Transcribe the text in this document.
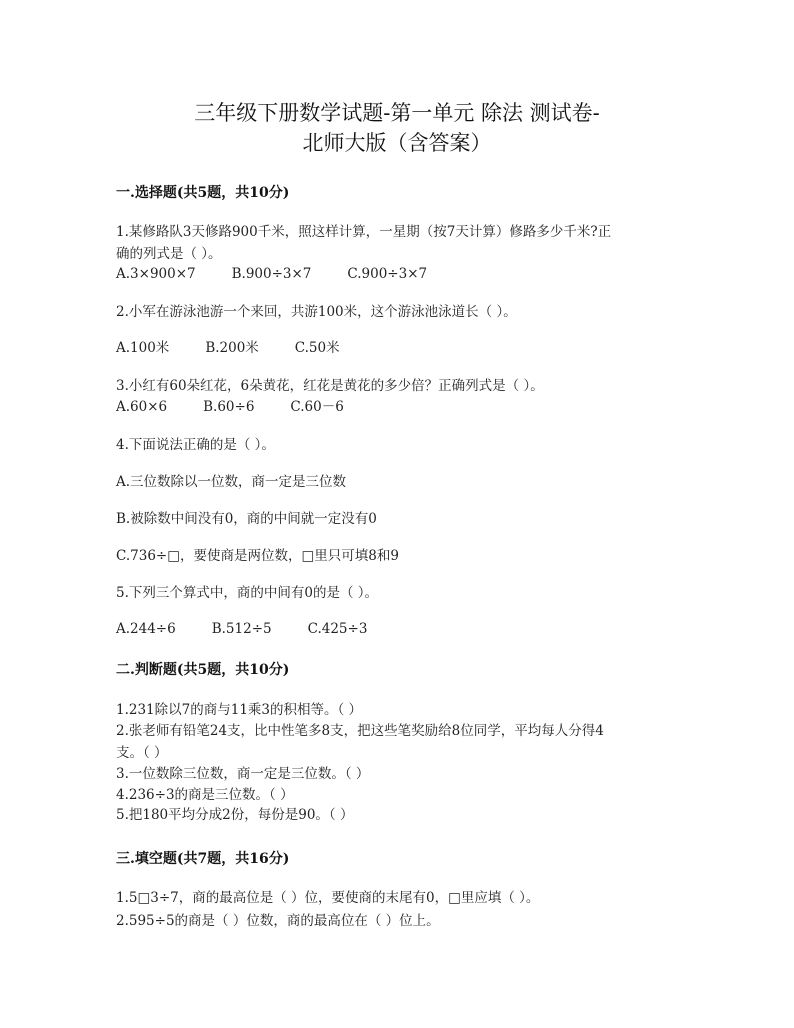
三年级下册数学试题-第一单元 除法 测试卷-
北师大版（含答案）
一.选择题(共5题，共10分)
1.某修路队3天修路900千米，照这样计算，一星期（按7天计算）修路多少千米?正
确的列式是（ ）。
A.3×900×7	B.900÷3×7	C.900÷3×7
2.小军在游泳池游一个来回，共游100米，这个游泳池泳道长（ ）。
A.100米	B.200米	C.50米
3.小红有60朵红花，6朵黄花，红花是黄花的多少倍？正确列式是（ ）。
A.60×6	B.60÷6	C.60－6
4.下面说法正确的是（ ）。
A.三位数除以一位数，商一定是三位数
B.被除数中间没有0，商的中间就一定没有0
C.736÷□，要使商是两位数，□里只可填8和9
5.下列三个算式中，商的中间有0的是（ ）。
A.244÷6	B.512÷5	C.425÷3
二.判断题(共5题，共10分)
1.231除以7的商与11乘3的积相等。（ ）
2.张老师有铅笔24支，比中性笔多8支，把这些笔奖励给8位同学，平均每人分得4
支。（ ）
3.一位数除三位数，商一定是三位数。（ ）
4.236÷3的商是三位数。（ ）
5.把180平均分成2份，每份是90。（ ）
三.填空题(共7题，共16分)
1.5□3÷7，商的最高位是（ ）位，要使商的末尾有0，□里应填（ ）。
2.595÷5的商是（ ）位数，商的最高位在（ ）位上。
